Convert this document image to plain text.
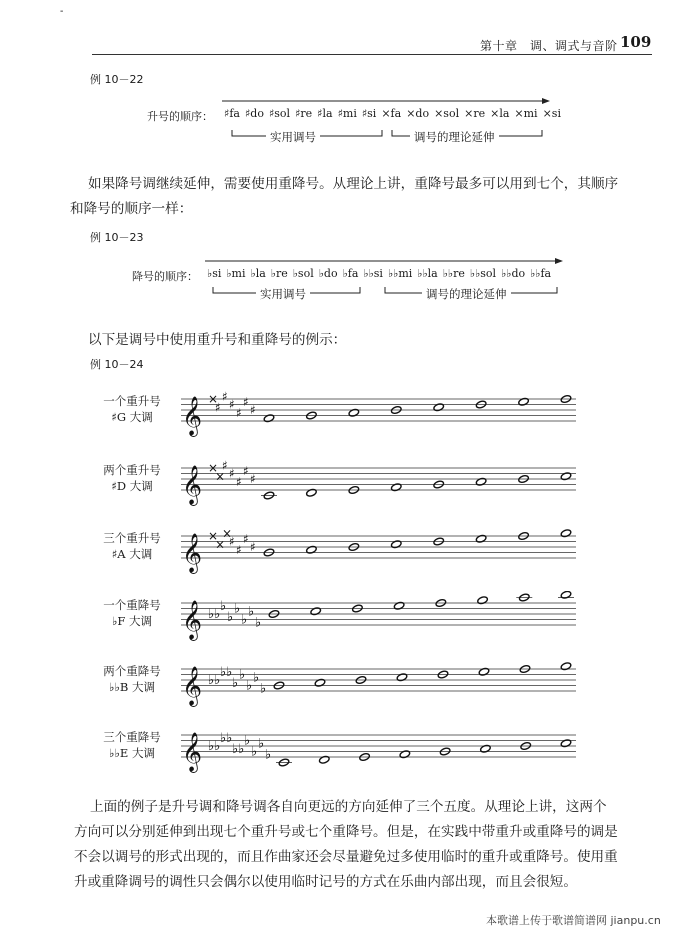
-
第十章　调、调式与音阶 109
例 10－22
升号的顺序： ♯fa ♯do ♯sol ♯re ♯la ♯mi ♯si ×fa ×do ×sol ×re ×la ×mi ×si
实用调号	调号的理论延伸
如果降号调继续延伸，需要使用重降号。从理论上讲，重降号最多可以用到七个，其顺序
和降号的顺序一样：
例 10－23
降号的顺序： ♭si ♭mi ♭la ♭re ♭sol ♭do ♭fa ♭♭si ♭♭mi ♭♭la ♭♭re ♭♭sol ♭♭do ♭♭fa
实用调号	调号的理论延伸
以下是调号中使用重升号和重降号的例示：
例 10－24
一个重升号
♯G 大调 𝄞 ×
♯
♯
♯
♯
♯
♯
两个重升号
♯D 大调 𝄞 ×
×
♯
♯
♯
♯
♯
三个重升号
♯A 大调 𝄞 ×
×
×
♯
♯
♯
♯
一个重降号
♭F 大调 𝄞 ♭♭
♭
♭
♭
♭
♭
♭
两个重降号
♭♭B 大调 𝄞 ♭♭
♭♭
♭
♭
♭
♭
♭
三个重降号
♭♭E 大调 𝄞 ♭♭
♭♭
♭♭
♭
♭
♭
♭
上面的例子是升号调和降号调各自向更远的方向延伸了三个五度。从理论上讲，这两个
方向可以分别延伸到出现七个重升号或七个重降号。但是，在实践中带重升或重降号的调是
不会以调号的形式出现的，而且作曲家还会尽量避免过多使用临时的重升或重降号。使用重
升或重降调号的调性只会偶尔以使用临时记号的方式在乐曲内部出现，而且会很短。
本歌谱上传于歌谱简谱网 jianpu.cn
